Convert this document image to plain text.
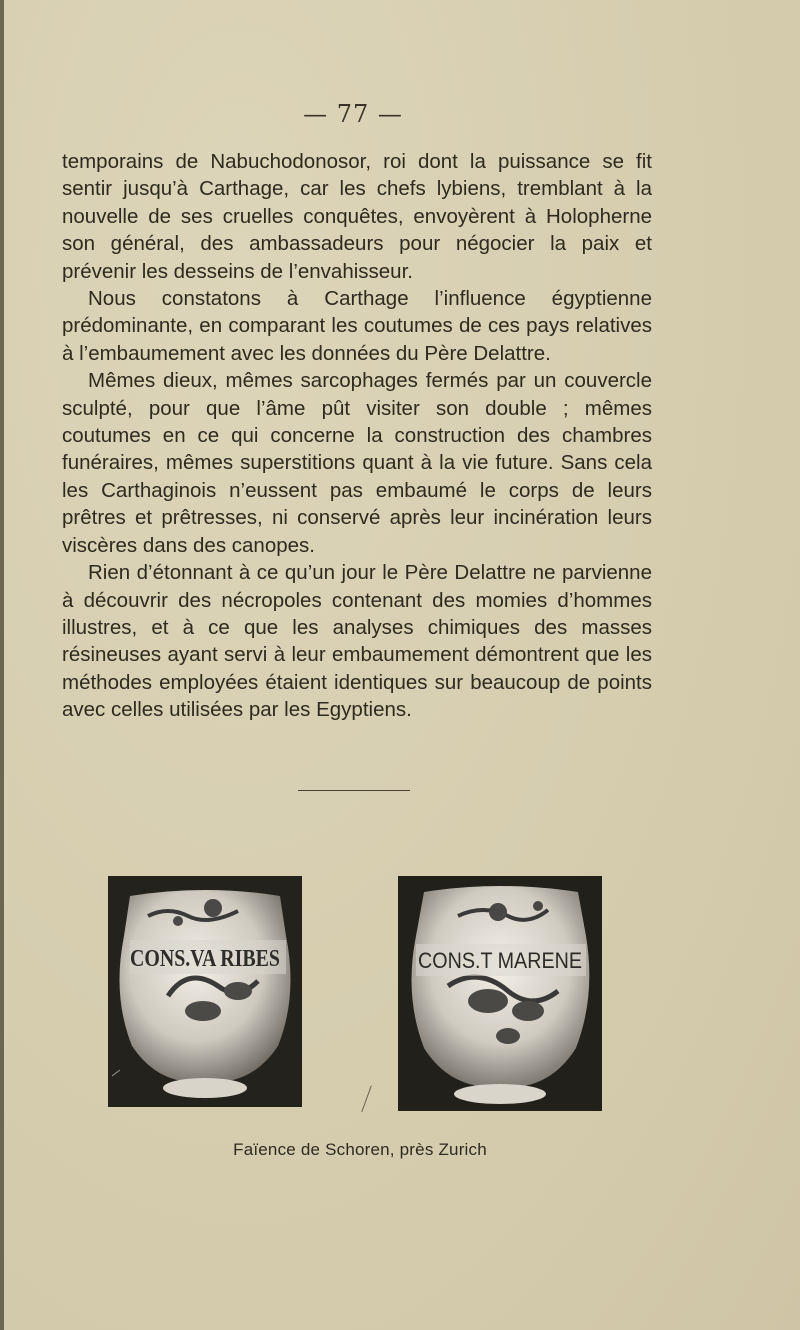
— 77 —

temporains de Nabuchodonosor, roi dont la puissance se fit sentir jusqu’à Carthage, car les chefs lybiens, tremblant à la nouvelle de ses cruelles conquêtes, envoyèrent à Holopherne son général, des ambassadeurs pour négocier la paix et prévenir les desseins de l’envahisseur.

Nous constatons à Carthage l’influence égyptienne prédominante, en comparant les coutumes de ces pays relatives à l’embaumement avec les données du Père Delattre.

Mêmes dieux, mêmes sarcophages fermés par un couvercle sculpté, pour que l’âme pût visiter son double ; mêmes coutumes en ce qui concerne la construction des chambres funéraires, mêmes superstitions quant à la vie future. Sans cela les Carthaginois n’eussent pas embaumé le corps de leurs prêtres et prêtresses, ni conservé après leur incinération leurs viscères dans des canopes.

Rien d’étonnant à ce qu’un jour le Père Delattre ne parvienne à découvrir des nécropoles contenant des momies d’hommes illustres, et à ce que les analyses chimiques des masses résineuses ayant servi à leur embaumement démontrent que les méthodes employées étaient identiques sur beaucoup de points avec celles utilisées par les Egyptiens.

CONS.VA RIBES	CONS.T MARENE
Faïence de Schoren, près Zurich
